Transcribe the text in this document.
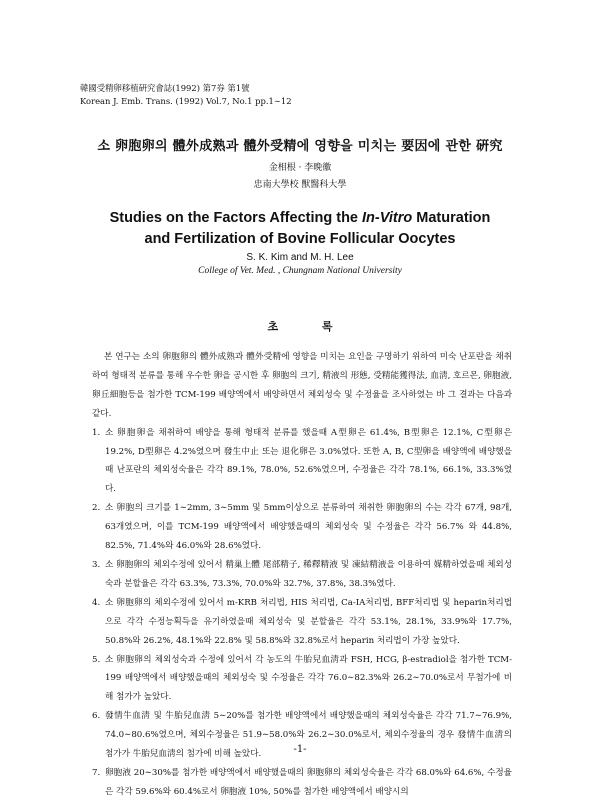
韓國受精卵移植硏究會誌(1992) 第7券 第1號
Korean J. Emb. Trans. (1992) Vol.7, No.1 pp.1∼12
소 卵胞卵의 體外成熟과 體外受精에 영향을 미치는 要因에 관한 硏究
金相根 · 李晩徽
忠南大學校 獸醫科大學
Studies on the Factors Affecting the In-Vitro Maturation
and Fertilization of Bovine Follicular Oocytes
S. K. Kim and M. H. Lee
College of Vet. Med. , Chungnam National University
초 록

본 연구는 소의 卵胞卵의 體外成熟과 體外受精에 영향을 미치는 요인을 구명하기 위하여 미숙 난포란을 채취하여 형태적 분류를 통해 우수한 卵을 공시한 후 卵胞의 크기, 精液의 形態, 受精能獲得法, 血淸, 호르몬, 卵胞液, 卵丘細胞등을 첨가한 TCM-199 배양액에서 배양하면서 체외성숙 및 수정율을 조사하였는 바 그 결과는 다음과 같다.

1. 소 卵胞卵을 채취하여 배양을 통해 형태적 분류를 했을때 A型卵은 61.4%, B型卵은 12.1%, C型卵은 19.2%, D型卵은 4.2%였으며 發生中止 또는 退化卵은 3.0%였다. 또한 A, B, C型卵을 배양액에 배양했을때 난포란의 체외성숙율은 각각 89.1%, 78.0%, 52.6%였으며, 수정율은 각각 78.1%, 66.1%, 33.3%였다.
2. 소 卵胞의 크기를 1∼2mm, 3∼5mm 및 5mm이상으로 분류하여 채취한 卵胞卵의 수는 각각 67개, 98개, 63개였으며, 이를 TCM-199 배양액에서 배양했을때의 체외성숙 및 수정율은 각각 56.7% 와 44.8%, 82.5%, 71.4%와 46.0%와 28.6%였다.
3. 소 卵胞卵의 체외수정에 있어서 精巢上體 尾部精子, 稀釋精液 및 凍結精液을 이용하여 媒精하였을때 체외성숙과 분할율은 각각 63.3%, 73.3%, 70.0%와 32.7%, 37.8%, 38.3%였다.
4. 소 卵胞卵의 체외수정에 있어서 m-KRB 처리법, HIS 처리법, Ca-IA처리법, BFF처리법 및 heparin처리법으로 각각 수정능획득을 유기하였을때 체외성숙 및 분할율은 각각 53.1%, 28.1%, 33.9%와 17.7%, 50.8%와 26.2%, 48.1%와 22.8% 및 58.8%와 32.8%로서 heparin 처리법이 가장 높았다.
5. 소 卵胞卵의 체외성숙과 수정에 있어서 각 농도의 牛胎兒血淸과 FSH, HCG, β-estradiol을 첨가한 TCM-199 배양액에서 배양했을때의 체외성숙 및 수정율은 각각 76.0∼82.3%와 26.2∼70.0%로서 무첨가에 비해 첨가가 높았다.
6. 發情牛血淸 및 牛胎兒血淸 5∼20%를 첨가한 배양액에서 배양했을때의 체외성숙율은 각각 71.7∼76.9%, 74.0∼80.6%였으며, 체외수정율은 51.9∼58.0%와 26.2∼30.0%로서, 체외수정율의 경우 發情牛血淸의 첨가가 牛胎兒血淸의 첨가에 비해 높았다.
7. 卵胞液 20∼30%를 첨가한 배양액에서 배양했을때의 卵胞卵의 체외성숙율은 각각 68.0%와 64.6%, 수정율은 각각 59.6%와 60.4%로서 卵胞液 10%, 50%를 첨가한 배양액에서 배양시의
-1-
